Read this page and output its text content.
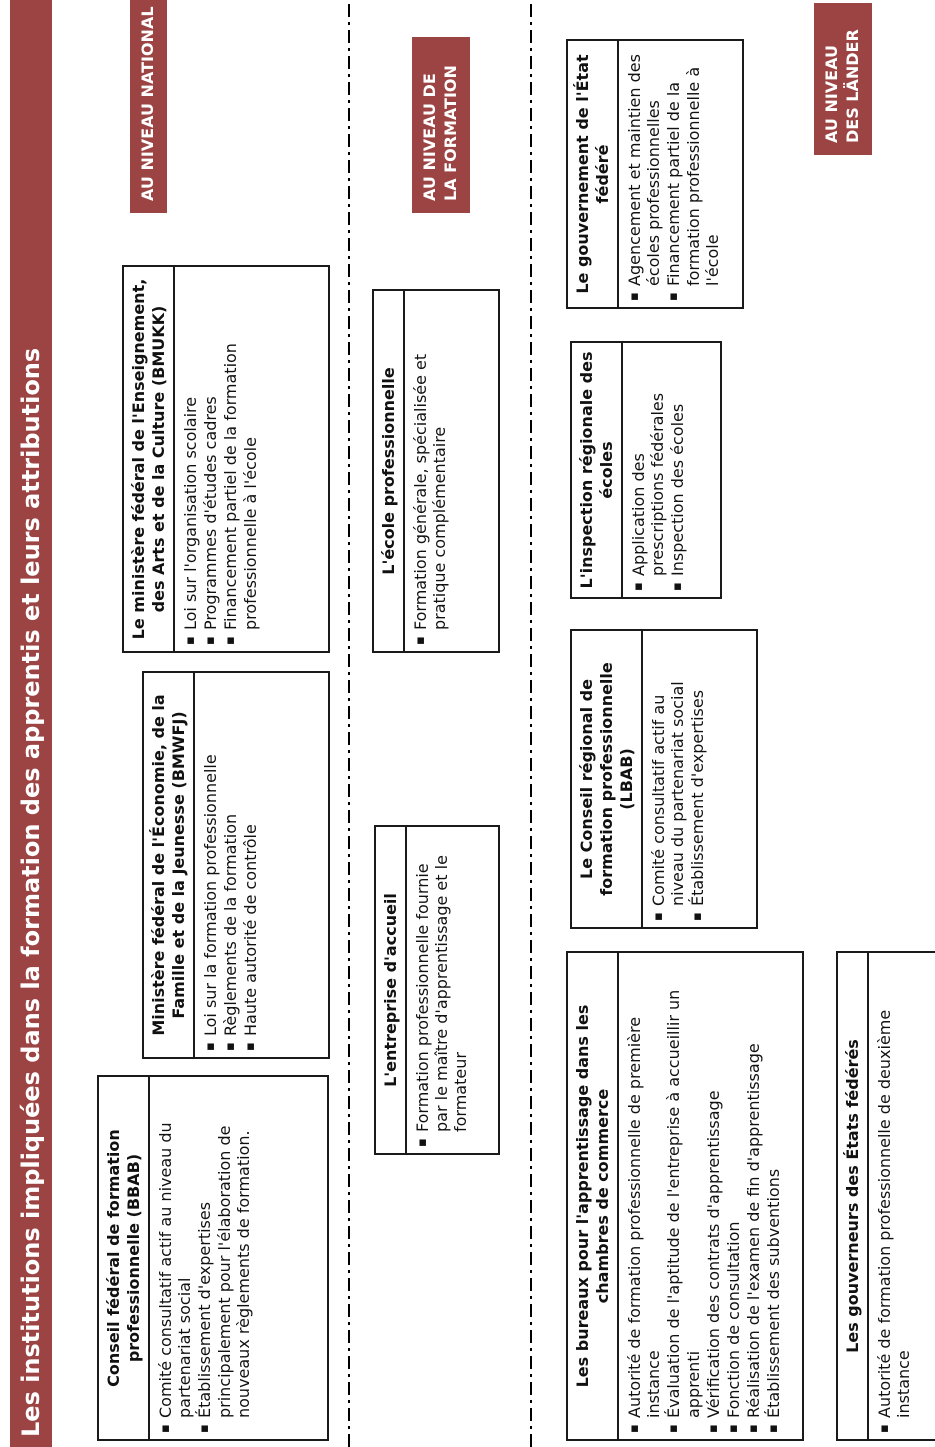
Les institutions impliquées dans la formation des apprentis et leurs attributions	Conseil fédéral de formation professionnelle (BBAB)
▪
Comité consultatif actif au niveau du partenariat social
▪
Établissement d'expertises principalement pour l'élaboration de nouveaux règlements de formation.
Ministère fédéral de l'Économie, de la Famille et de la Jeunesse (BMWFJ)
▪
Loi sur la formation professionnelle
▪
Règlements de la formation
▪
Haute autorité de contrôle
Le ministère fédéral de l'Enseignement, des Arts et de la Culture (BMUKK)
▪
Loi sur l'organisation scolaire
▪
Programmes d'études cadres
▪
Financement partiel de la formation professionnelle à l'école
AU NIVEAU NATIONAL
L'entreprise d'accueil
▪
Formation professionnelle fournie par le maître d'apprentissage et le formateur
L'école professionnelle
▪
Formation générale, spécialisée et pratique complémentaire
AU NIVEAU DE LA FORMATION
Les bureaux pour l'apprentissage dans les chambres de commerce
▪
Autorité de formation professionnelle de première instance
▪
Évaluation de l'aptitude de l'entreprise à accueillir un apprenti
▪
Vérification des contrats d'apprentissage
▪
Fonction de consultation
▪
Réalisation de l'examen de fin d'apprentissage
▪
Établissement des subventions
Le Conseil régional de formation professionnelle (LBAB)
▪
Comité consultatif actif au niveau du partenariat social
▪
Établissement d'expertises
L'inspection régionale des écoles
▪
Application des prescriptions fédérales
▪
Inspection des écoles
Le gouvernement de l'État fédéré
▪
Agencement et maintien des écoles professionnelles
▪
Financement partiel de la formation professionnelle à l'école
AU NIVEAU DES LÄNDER
Les gouverneurs des États fédérés
▪
Autorité de formation professionnelle de deuxième instance
